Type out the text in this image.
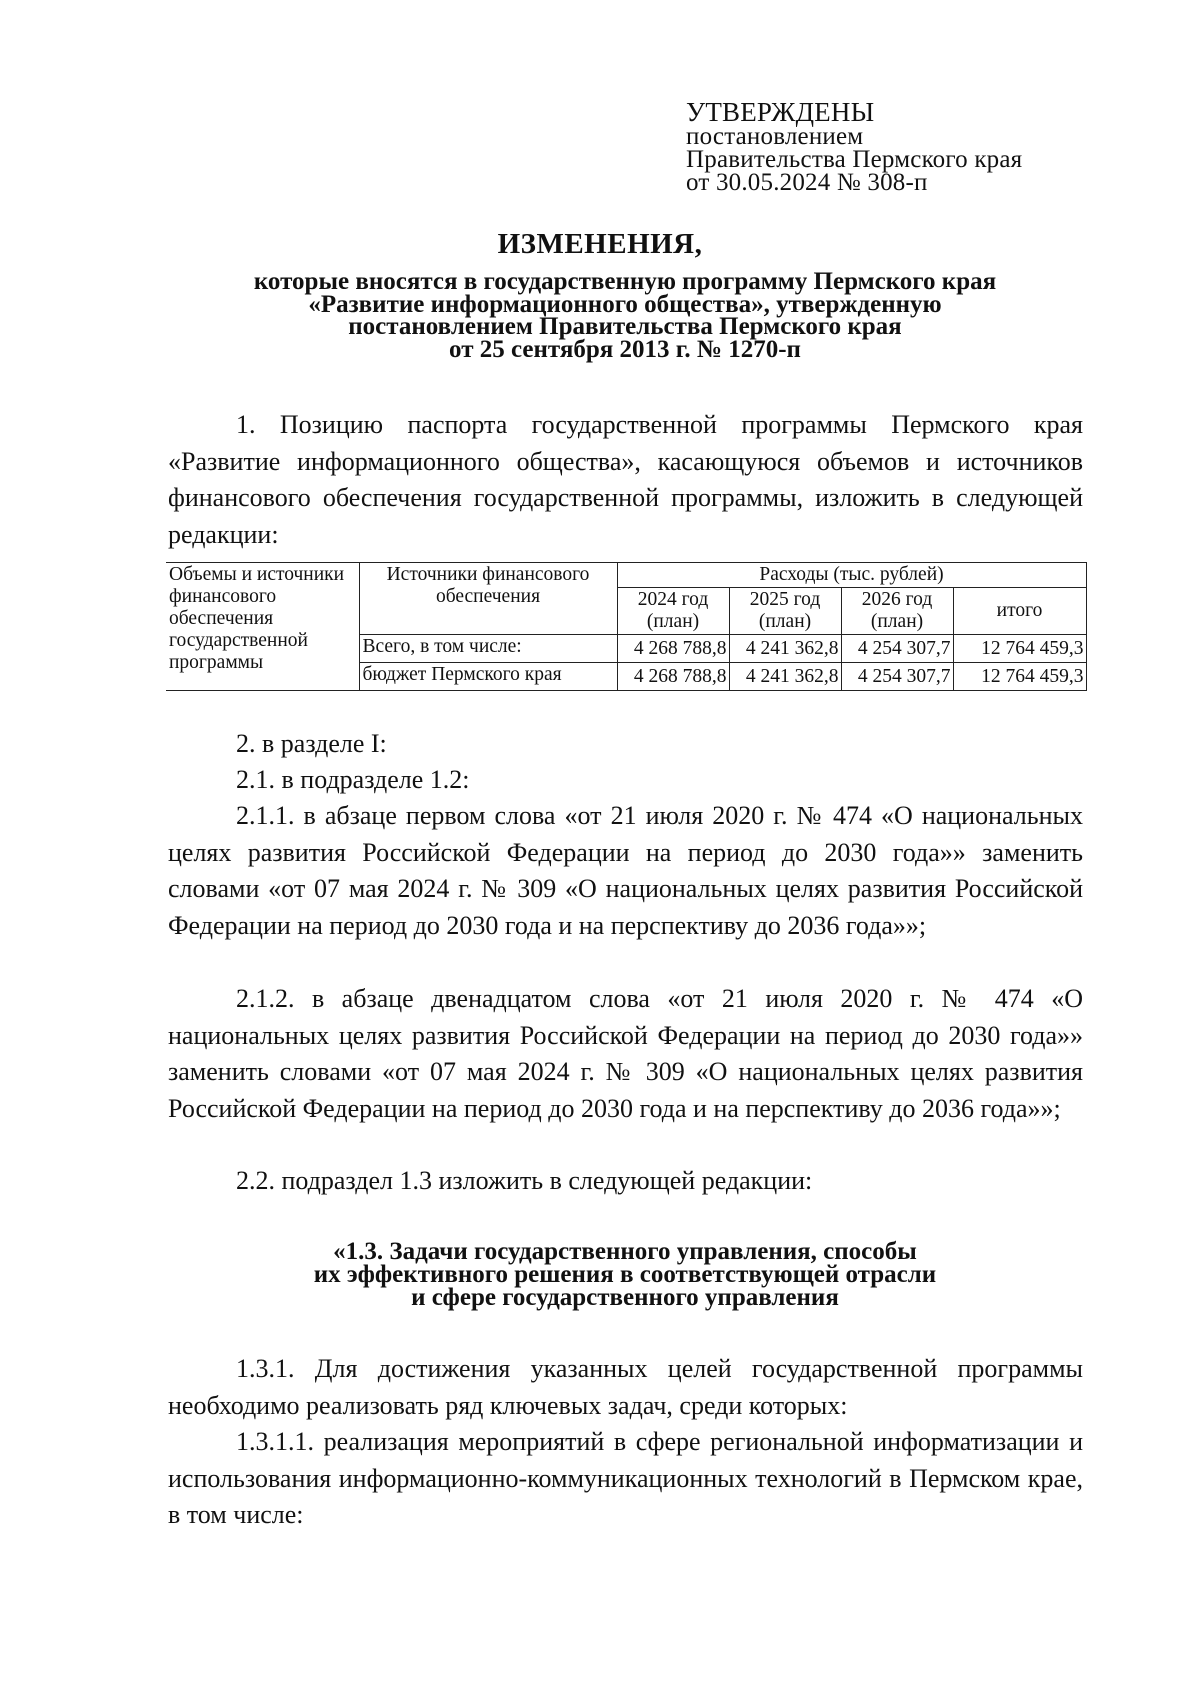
УТВЕРЖДЕНЫ
постановлением
Правительства Пермского края
от 30.05.2024 № 308-п
ИЗМЕНЕНИЯ,
которые вносятся в государственную программу Пермского края
«Развитие информационного общества», утвержденную
постановлением Правительства Пермского края
от 25 сентября 2013 г. № 1270-п
1. Позицию паспорта государственной программы Пермского края «Развитие информационного общества», касающуюся объемов и источников финансового обеспечения государственной программы, изложить в следующей редакции:
Объемы и источники финансового обеспечения государственной программы	Источники финансового обеспечения	Расходы (тыс. рублей)			
		2024 год (план)	2025 год (план)	2026 год (план)	итого
	Всего, в том числе:	4 268 788,8	4 241 362,8	4 254 307,7	12 764 459,3
	бюджет Пермского края	4 268 788,8	4 241 362,8	4 254 307,7	12 764 459,3
2. в разделе I:
2.1. в подразделе 1.2:
2.1.1. в абзаце первом слова «от 21 июля 2020 г. № 474 «О национальных целях развития Российской Федерации на период до 2030 года»» заменить словами «от 07 мая 2024 г. № 309 «О национальных целях развития Российской Федерации на период до 2030 года и на перспективу до 2036 года»»;
2.1.2. в абзаце двенадцатом слова «от 21 июля 2020 г. № 474 «О национальных целях развития Российской Федерации на период до 2030 года»» заменить словами «от 07 мая 2024 г. № 309 «О национальных целях развития Российской Федерации на период до 2030 года и на перспективу до 2036 года»»;
2.2. подраздел 1.3 изложить в следующей редакции:
«1.3. Задачи государственного управления, способы
их эффективного решения в соответствующей отрасли
и сфере государственного управления
1.3.1. Для достижения указанных целей государственной программы необходимо реализовать ряд ключевых задач, среди которых:
1.3.1.1. реализация мероприятий в сфере региональной информатизации и использования информационно-коммуникационных технологий в Пермском крае, в том числе:
